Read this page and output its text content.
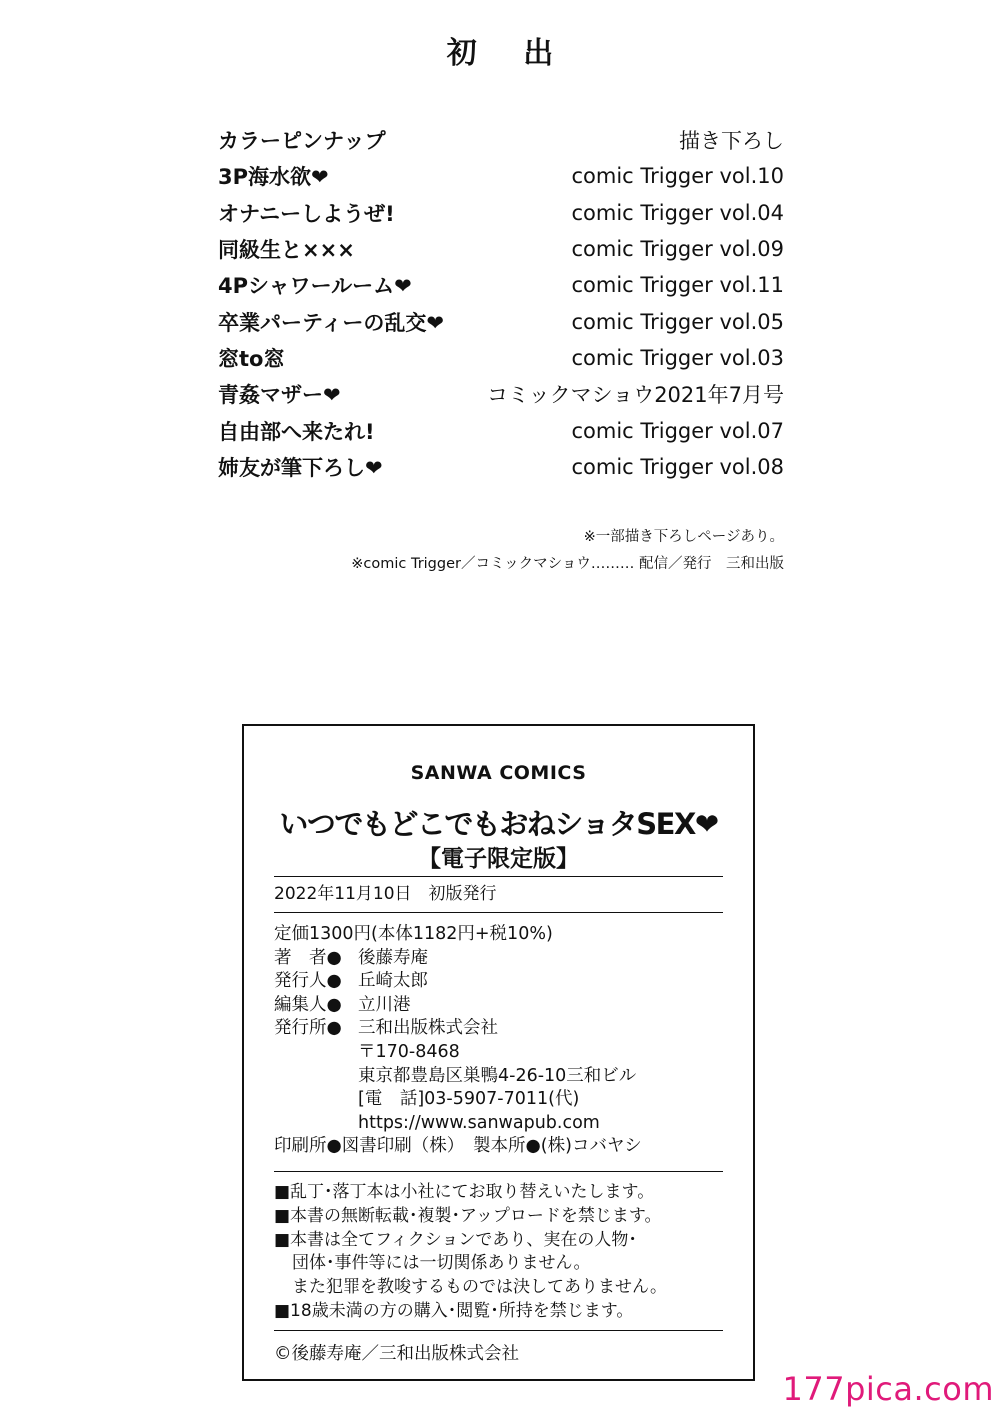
初 出
カラーピンナップ	描き下ろし
3P海水欲❤	comic Trigger vol.10
オナニーしようぜ!	comic Trigger vol.04
同級生と×××	comic Trigger vol.09
4Pシャワールーム❤	comic Trigger vol.11
卒業パーティーの乱交❤	comic Trigger vol.05
窓to窓	comic Trigger vol.03
青姦マザー❤	コミックマショウ2021年7月号
自由部へ来たれ!	comic Trigger vol.07
姉友が筆下ろし❤	comic Trigger vol.08
※一部描き下ろしページあり。
※comic Trigger／コミックマショウ……… 配信／発行　三和出版
SANWA COMICS
いつでもどこでもおねショタSEX❤
【電子限定版】
2022年11月10日　初版発行
定価1300円(本体1182円+税10%)
著　者● 後藤寿庵
発行人● 丘崎太郎
編集人● 立川港
発行所● 三和出版株式会社
〒170-8468
東京都豊島区巣鴨4-26-10三和ビル
[電　話]03-5907-7011(代)
https://www.sanwapub.com
印刷所●図書印刷（株）　製本所●(株)コバヤシ
■乱丁･落丁本は小社にてお取り替えいたします。
■本書の無断転載･複製･アップロードを禁じます。
■本書は全てフィクションであり、実在の人物･
団体･事件等には一切関係ありません。
また犯罪を教唆するものでは決してありません。
■18歳未満の方の購入･閲覧･所持を禁じます。
©後藤寿庵／三和出版株式会社
177pica.com
